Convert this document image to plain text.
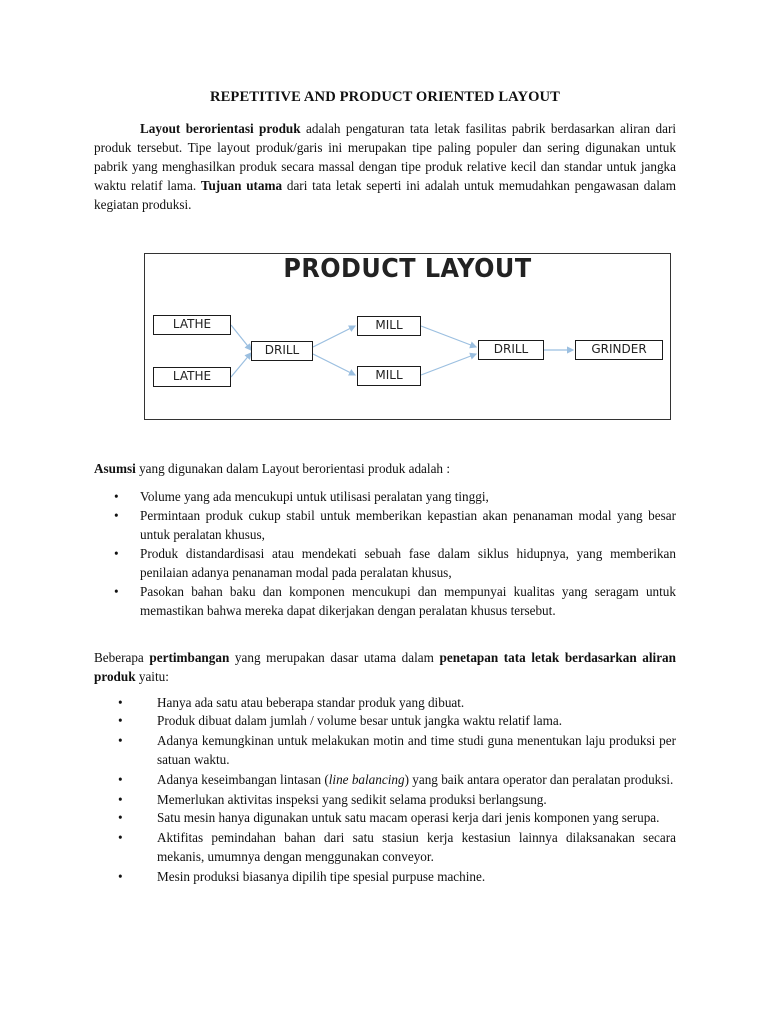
REPETITIVE AND PRODUCT ORIENTED LAYOUT
Layout berorientasi produk adalah pengaturan tata letak fasilitas pabrik berdasarkan aliran dari produk tersebut. Tipe layout produk/garis ini merupakan tipe paling populer dan sering digunakan untuk pabrik yang menghasilkan produk secara massal dengan tipe produk relative kecil dan standar untuk jangka waktu relatif lama. Tujuan utama dari tata letak seperti ini adalah untuk memudahkan pengawasan dalam kegiatan produksi.
PRODUCT LAYOUT
LATHE
LATHE
DRILL
MILL
MILL
DRILL	GRINDER
Asumsi yang digunakan dalam Layout berorientasi produk adalah :
• Volume yang ada mencukupi untuk utilisasi peralatan yang tinggi,
• Permintaan produk cukup stabil untuk memberikan kepastian akan penanaman modal yang besar untuk peralatan khusus,
• Produk distandardisasi atau mendekati sebuah fase dalam siklus hidupnya, yang memberikan penilaian adanya penanaman modal pada peralatan khusus,
• Pasokan bahan baku dan komponen mencukupi dan mempunyai kualitas yang seragam untuk memastikan bahwa mereka dapat dikerjakan dengan peralatan khusus tersebut.
Beberapa pertimbangan yang merupakan dasar utama dalam penetapan tata letak berdasarkan aliran produk yaitu:
•	Hanya ada satu atau beberapa standar produk yang dibuat.
•	Produk dibuat dalam jumlah / volume besar untuk jangka waktu relatif lama.
•	Adanya kemungkinan untuk melakukan motin and time studi guna menentukan laju produksi per satuan waktu.
•	Adanya keseimbangan lintasan (line balancing) yang baik antara operator dan peralatan produksi.
•	Memerlukan aktivitas inspeksi yang sedikit selama produksi berlangsung.
•	Satu mesin hanya digunakan untuk satu macam operasi kerja dari jenis komponen yang serupa.
•	Aktifitas pemindahan bahan dari satu stasiun kerja kestasiun lainnya dilaksanakan secara mekanis, umumnya dengan menggunakan conveyor.
•	Mesin produksi biasanya dipilih tipe spesial purpuse machine.
